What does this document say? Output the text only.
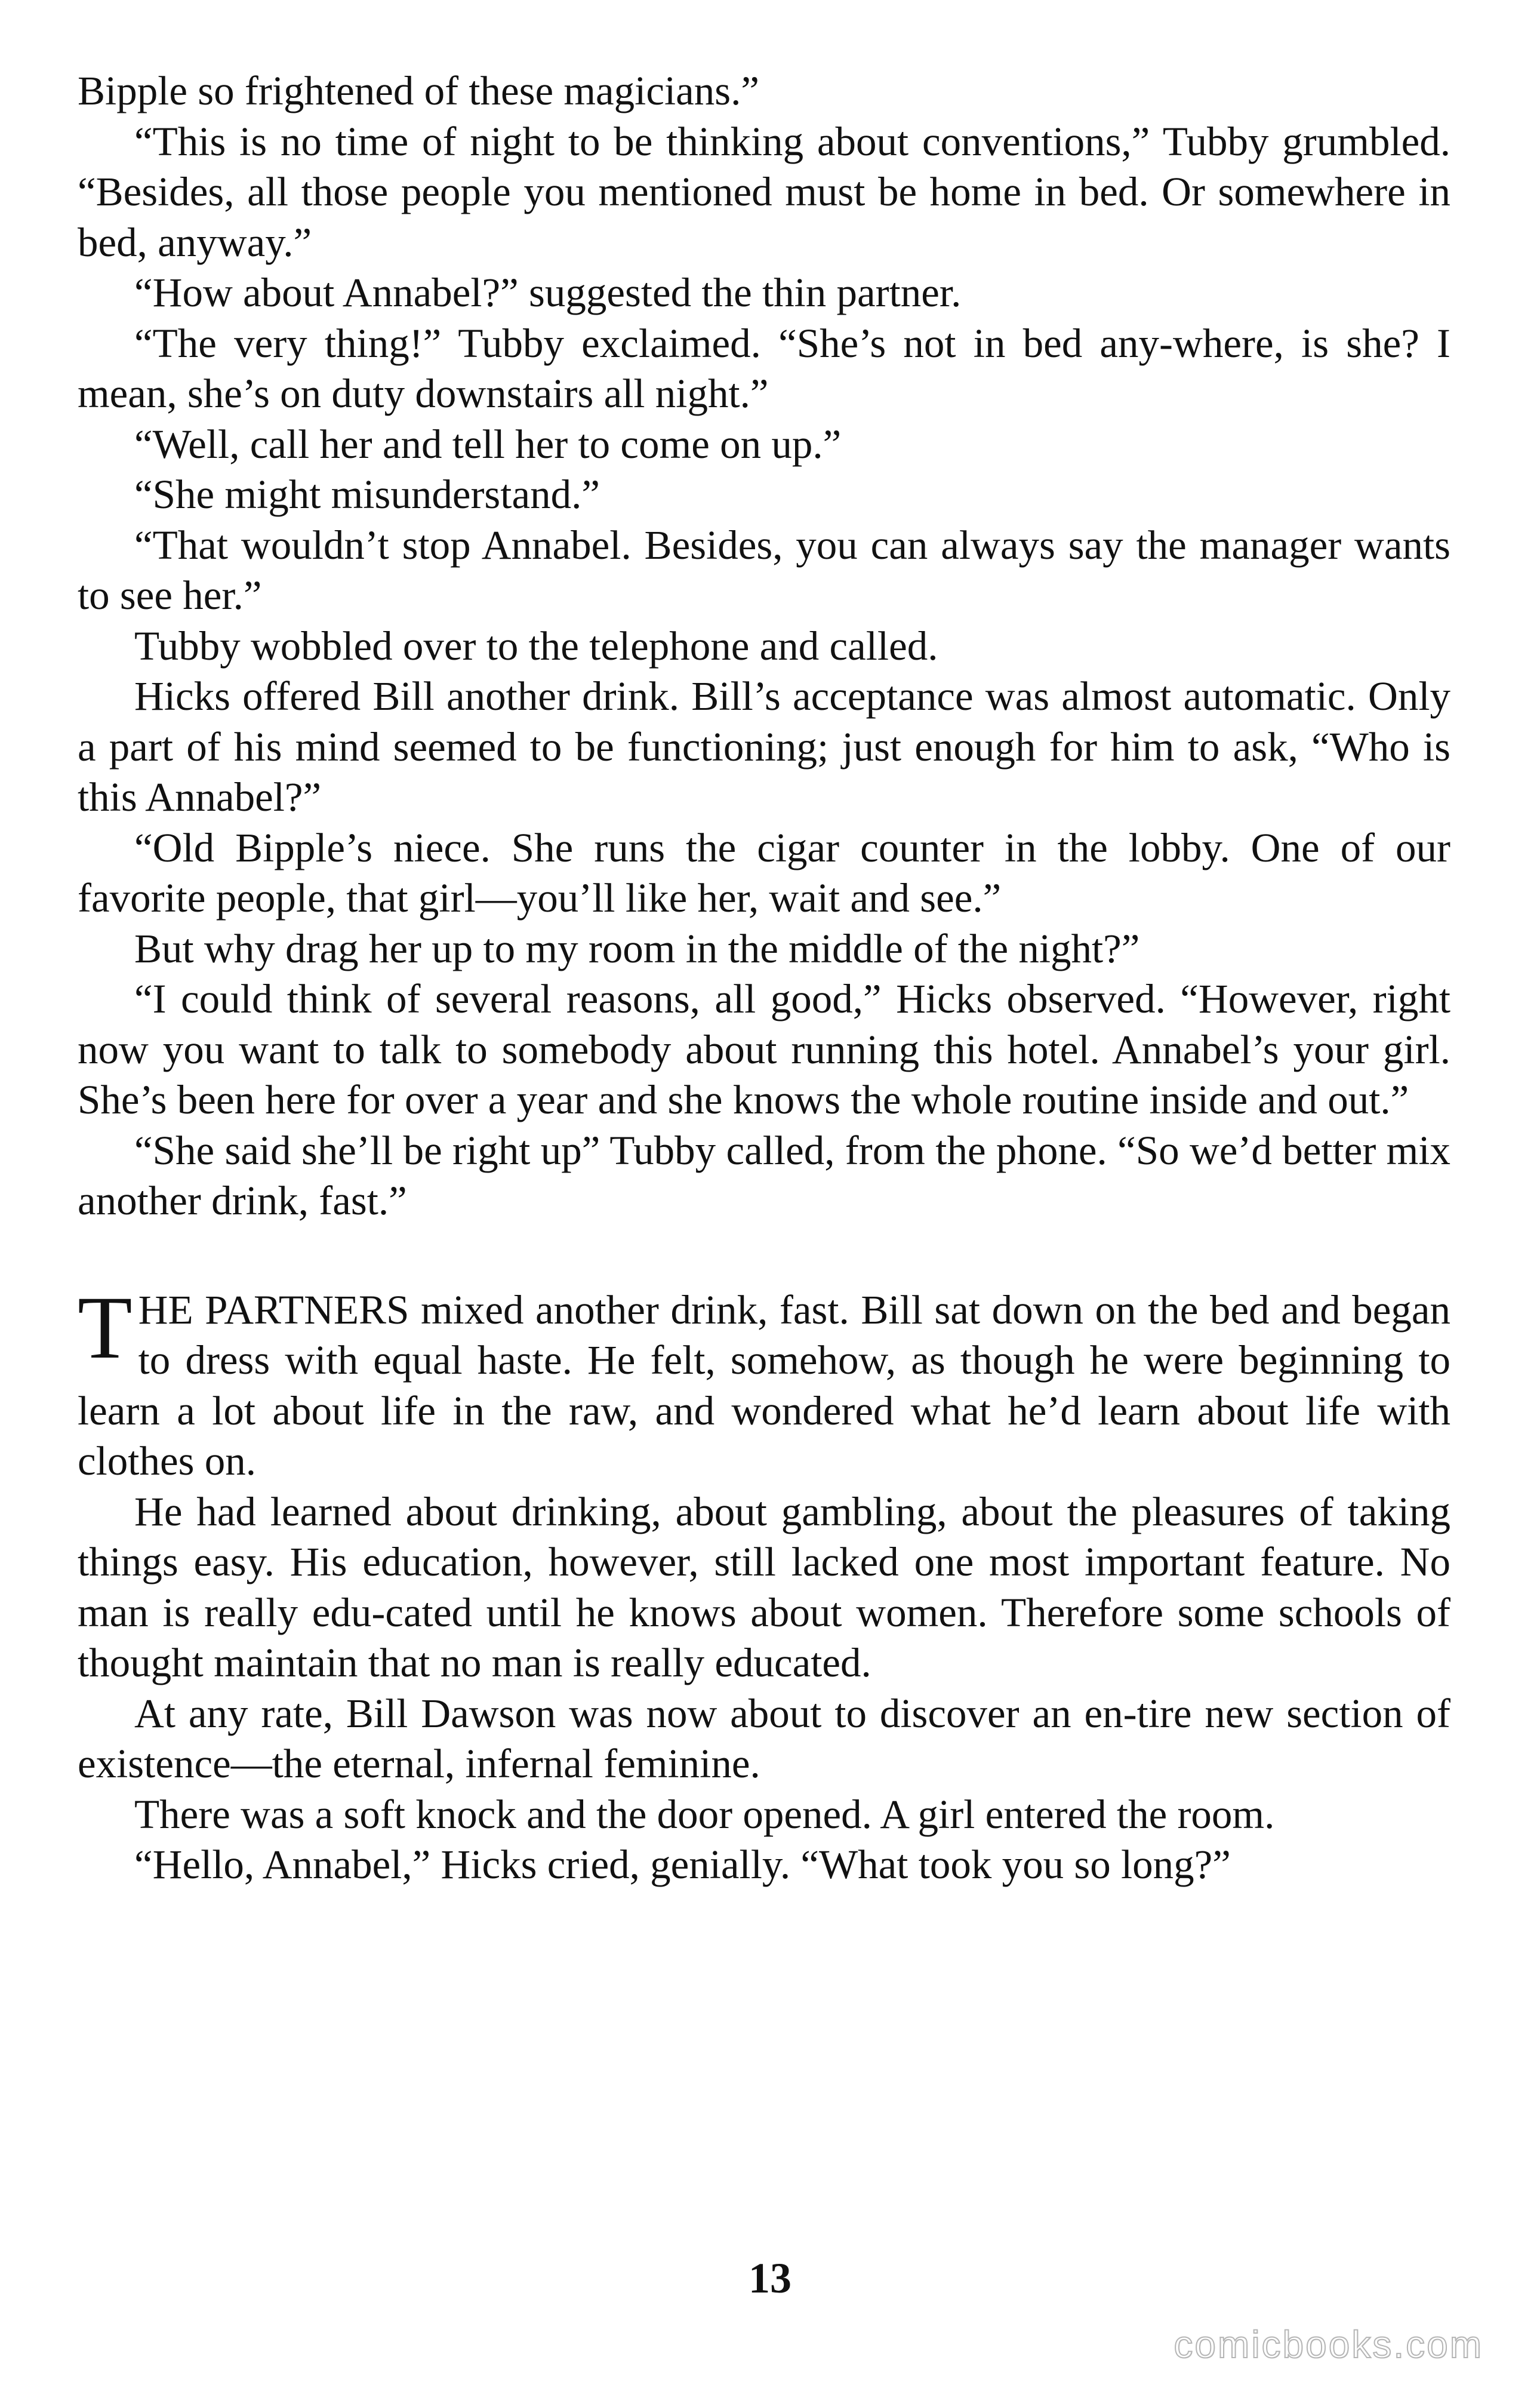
Bipple so frightened of these magicians.”

“This is no time of night to be thinking about conventions,” Tubby grumbled. “Besides, all those people you mentioned must be home in bed. Or somewhere in bed, anyway.”

“How about Annabel?” suggested the thin partner.

“The very thing!” Tubby exclaimed. “She’s not in bed any-where, is she? I mean, she’s on duty downstairs all night.”

“Well, call her and tell her to come on up.”

“She might misunderstand.”

“That wouldn’t stop Annabel. Besides, you can always say the manager wants to see her.”

Tubby wobbled over to the telephone and called.

Hicks offered Bill another drink. Bill’s acceptance was almost automatic. Only a part of his mind seemed to be functioning; just enough for him to ask, “Who is this Annabel?”

“Old Bipple’s niece. She runs the cigar counter in the lobby. One of our favorite people, that girl—you’ll like her, wait and see.”

But why drag her up to my room in the middle of the night?”

“I could think of several reasons, all good,” Hicks observed. “However, right now you want to talk to somebody about running this hotel. Annabel’s your girl. She’s been here for over a year and she knows the whole routine inside and out.”

“She said she’ll be right up” Tubby called, from the phone. “So we’d better mix another drink, fast.”

THE PARTNERS mixed another drink, fast. Bill sat down on the bed and began to dress with equal haste. He felt, somehow, as though he were beginning to learn a lot about life in the raw, and wondered what he’d learn about life with clothes on.

He had learned about drinking, about gambling, about the pleasures of taking things easy. His education, however, still lacked one most important feature. No man is really edu-cated until he knows about women. Therefore some schools of thought maintain that no man is really educated.

At any rate, Bill Dawson was now about to discover an en-tire new section of existence—the eternal, infernal feminine.

There was a soft knock and the door opened. A girl entered the room.

“Hello, Annabel,” Hicks cried, genially. “What took you so long?”

13
comicbooks.com
